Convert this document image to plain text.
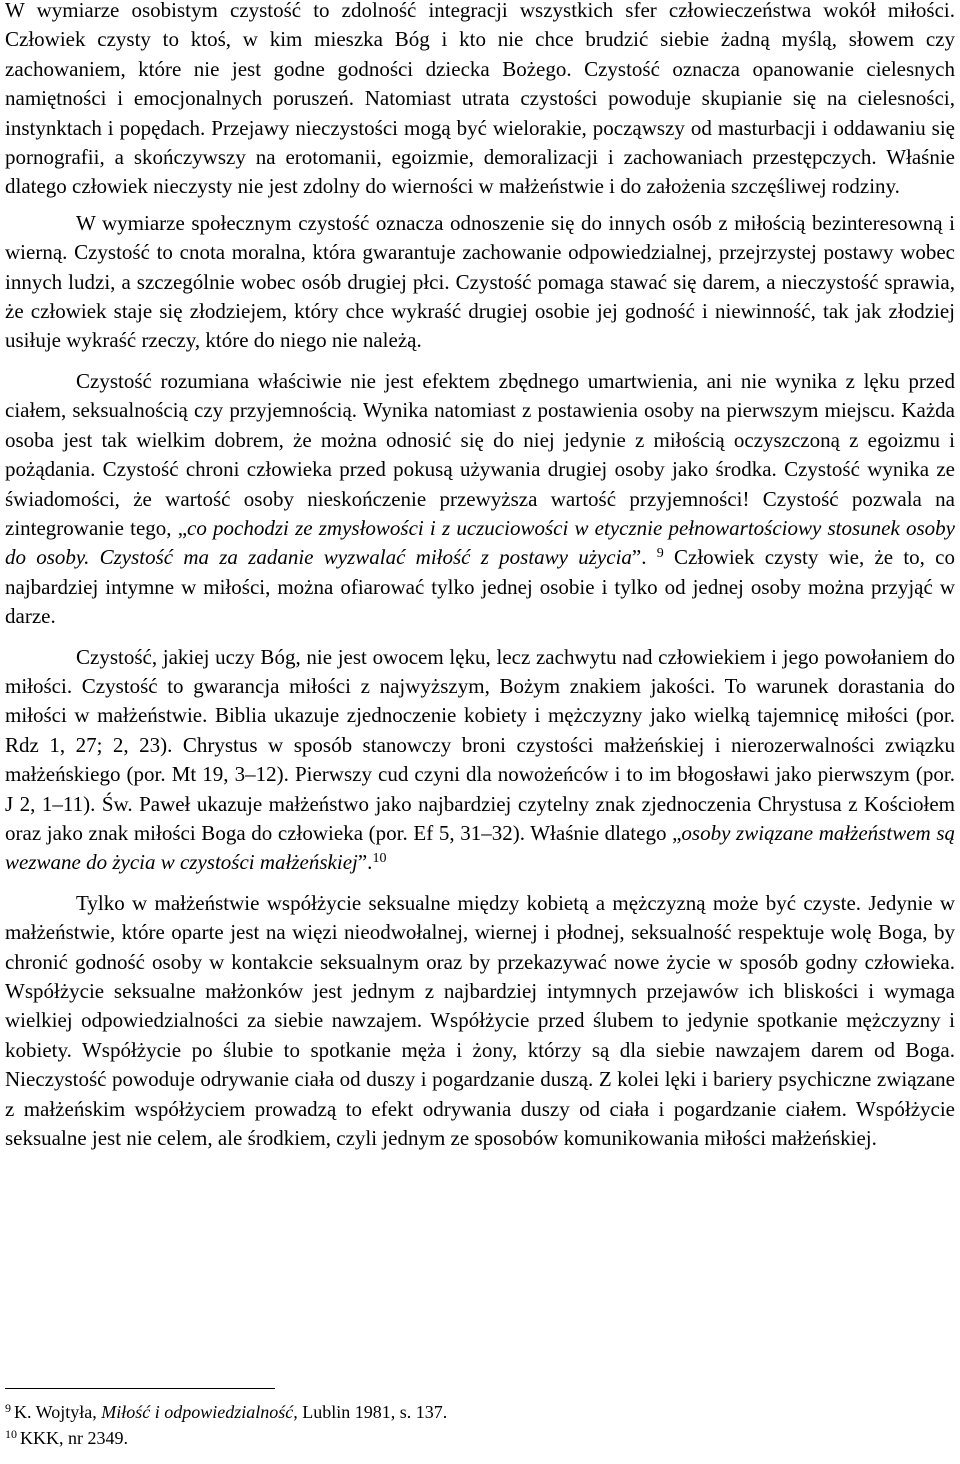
W wymiarze osobistym czystość to zdolność integracji wszystkich sfer człowieczeństwa wokół miłości. Człowiek czysty to ktoś, w kim mieszka Bóg i kto nie chce brudzić siebie żadną myślą, słowem czy zachowaniem, które nie jest godne godności dziecka Bożego. Czystość oznacza opanowanie cielesnych namiętności i emocjonalnych poruszeń. Natomiast utrata czystości powoduje skupianie się na cielesności, instynktach i popędach. Przejawy nieczystości mogą być wielorakie, począwszy od masturbacji i oddawaniu się pornografii, a skończywszy na erotomanii, egoizmie, demoralizacji i zachowaniach przestępczych. Właśnie dlatego człowiek nieczysty nie jest zdolny do wierności w małżeństwie i do założenia szczęśliwej rodziny.

W wymiarze społecznym czystość oznacza odnoszenie się do innych osób z miłością bezinteresowną i wierną. Czystość to cnota moralna, która gwarantuje zachowanie odpowiedzialnej, przejrzystej postawy wobec innych ludzi, a szczególnie wobec osób drugiej płci. Czystość pomaga stawać się darem, a nieczystość sprawia, że człowiek staje się złodziejem, który chce wykraść drugiej osobie jej godność i niewinność, tak jak złodziej usiłuje wykraść rzeczy, które do niego nie należą.

Czystość rozumiana właściwie nie jest efektem zbędnego umartwienia, ani nie wynika z lęku przed ciałem, seksualnością czy przyjemnością. Wynika natomiast z postawienia osoby na pierwszym miejscu. Każda osoba jest tak wielkim dobrem, że można odnosić się do niej jedynie z miłością oczyszczoną z egoizmu i pożądania. Czystość chroni człowieka przed pokusą używania drugiej osoby jako środka. Czystość wynika ze świadomości, że wartość osoby nieskończenie przewyższa wartość przyjemności! Czystość pozwala na zintegrowanie tego, „co pochodzi ze zmysłowości i z uczuciowości w etycznie pełnowartościowy stosunek osoby do osoby. Czystość ma za zadanie wyzwalać miłość z postawy użycia”. $^9$ Człowiek czysty wie, że to, co najbardziej intymne w miłości, można ofiarować tylko jednej osobie i tylko od jednej osoby można przyjąć w darze.

Czystość, jakiej uczy Bóg, nie jest owocem lęku, lecz zachwytu nad człowiekiem i jego powołaniem do miłości. Czystość to gwarancja miłości z najwyższym, Bożym znakiem jakości. To warunek dorastania do miłości w małżeństwie. Biblia ukazuje zjednoczenie kobiety i mężczyzny jako wielką tajemnicę miłości (por. Rdz 1, 27; 2, 23). Chrystus w sposób stanowczy broni czystości małżeńskiej i nierozerwalności związku małżeńskiego (por. Mt 19, 3–12). Pierwszy cud czyni dla nowożeńców i to im błogosławi jako pierwszym (por. J 2, 1–11). Św. Paweł ukazuje małżeństwo jako najbardziej czytelny znak zjednoczenia Chrystusa z Kościołem oraz jako znak miłości Boga do człowieka (por. Ef 5, 31–32). Właśnie dlatego „osoby związane małżeństwem są wezwane do życia w czystości małżeńskiej”.$^{10}$

Tylko w małżeństwie współżycie seksualne między kobietą a mężczyzną może być czyste. Jedynie w małżeństwie, które oparte jest na więzi nieodwołalnej, wiernej i płodnej, seksualność respektuje wolę Boga, by chronić godność osoby w kontakcie seksualnym oraz by przekazywać nowe życie w sposób godny człowieka. Współżycie seksualne małżonków jest jednym z najbardziej intymnych przejawów ich bliskości i wymaga wielkiej odpowiedzialności za siebie nawzajem. Współżycie przed ślubem to jedynie spotkanie mężczyzny i kobiety. Współżycie po ślubie to spotkanie męża i żony, którzy są dla siebie nawzajem darem od Boga. Nieczystość powoduje odrywanie ciała od duszy i pogardzanie duszą. Z kolei lęki i bariery psychiczne związane z małżeńskim współżyciem prowadzą to efekt odrywania duszy od ciała i pogardzanie ciałem. Współżycie seksualne jest nie celem, ale środkiem, czyli jednym ze sposobów komunikowania miłości małżeńskiej.

$^9$ K. Wojtyła, Miłość i odpowiedzialność, Lublin 1981, s. 137.

$^{10}$ KKK, nr 2349.
